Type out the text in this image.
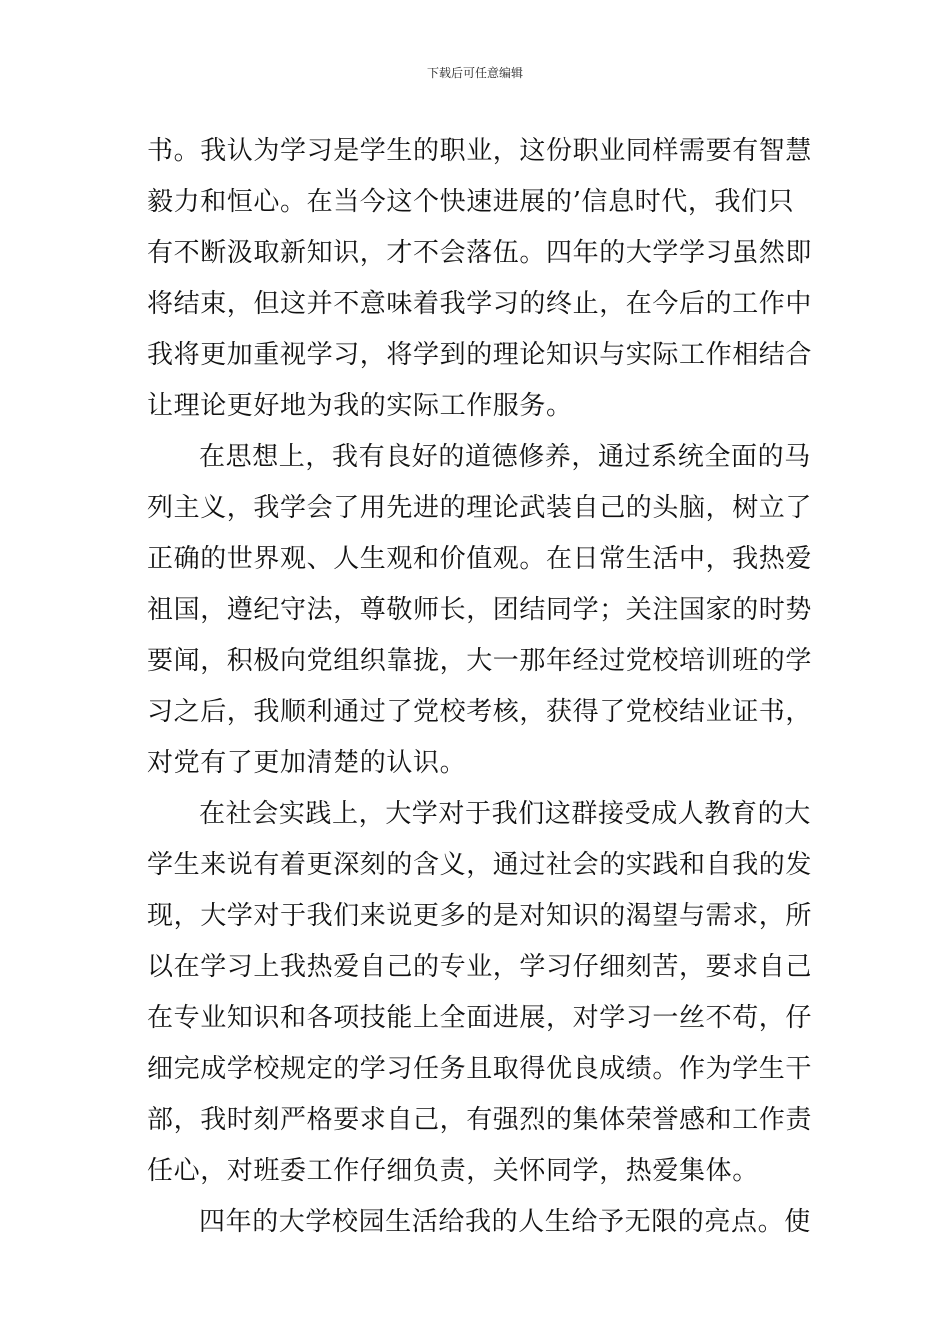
下载后可任意编辑
书。我认为学习是学生的职业，这份职业同样需要有智慧
毅力和恒心。在当今这个快速进展的’信息时代，我们只
有不断汲取新知识，才不会落伍。四年的大学学习虽然即
将结束，但这并不意味着我学习的终止，在今后的工作中
我将更加重视学习，将学到的理论知识与实际工作相结合
让理论更好地为我的实际工作服务。
在思想上，我有良好的道德修养，通过系统全面的马
列主义，我学会了用先进的理论武装自己的头脑，树立了
正确的世界观、人生观和价值观。在日常生活中，我热爱
祖国，遵纪守法，尊敬师长，团结同学；关注国家的时势
要闻，积极向党组织靠拢，大一那年经过党校培训班的学
习之后，我顺利通过了党校考核，获得了党校结业证书，
对党有了更加清楚的认识。
在社会实践上，大学对于我们这群接受成人教育的大
学生来说有着更深刻的含义，通过社会的实践和自我的发
现，大学对于我们来说更多的是对知识的渴望与需求，所
以在学习上我热爱自己的专业，学习仔细刻苦，要求自己
在专业知识和各项技能上全面进展，对学习一丝不苟，仔
细完成学校规定的学习任务且取得优良成绩。作为学生干
部，我时刻严格要求自己，有强烈的集体荣誉感和工作责
任心，对班委工作仔细负责，关怀同学，热爱集体。
四年的大学校园生活给我的人生给予无限的亮点。使
